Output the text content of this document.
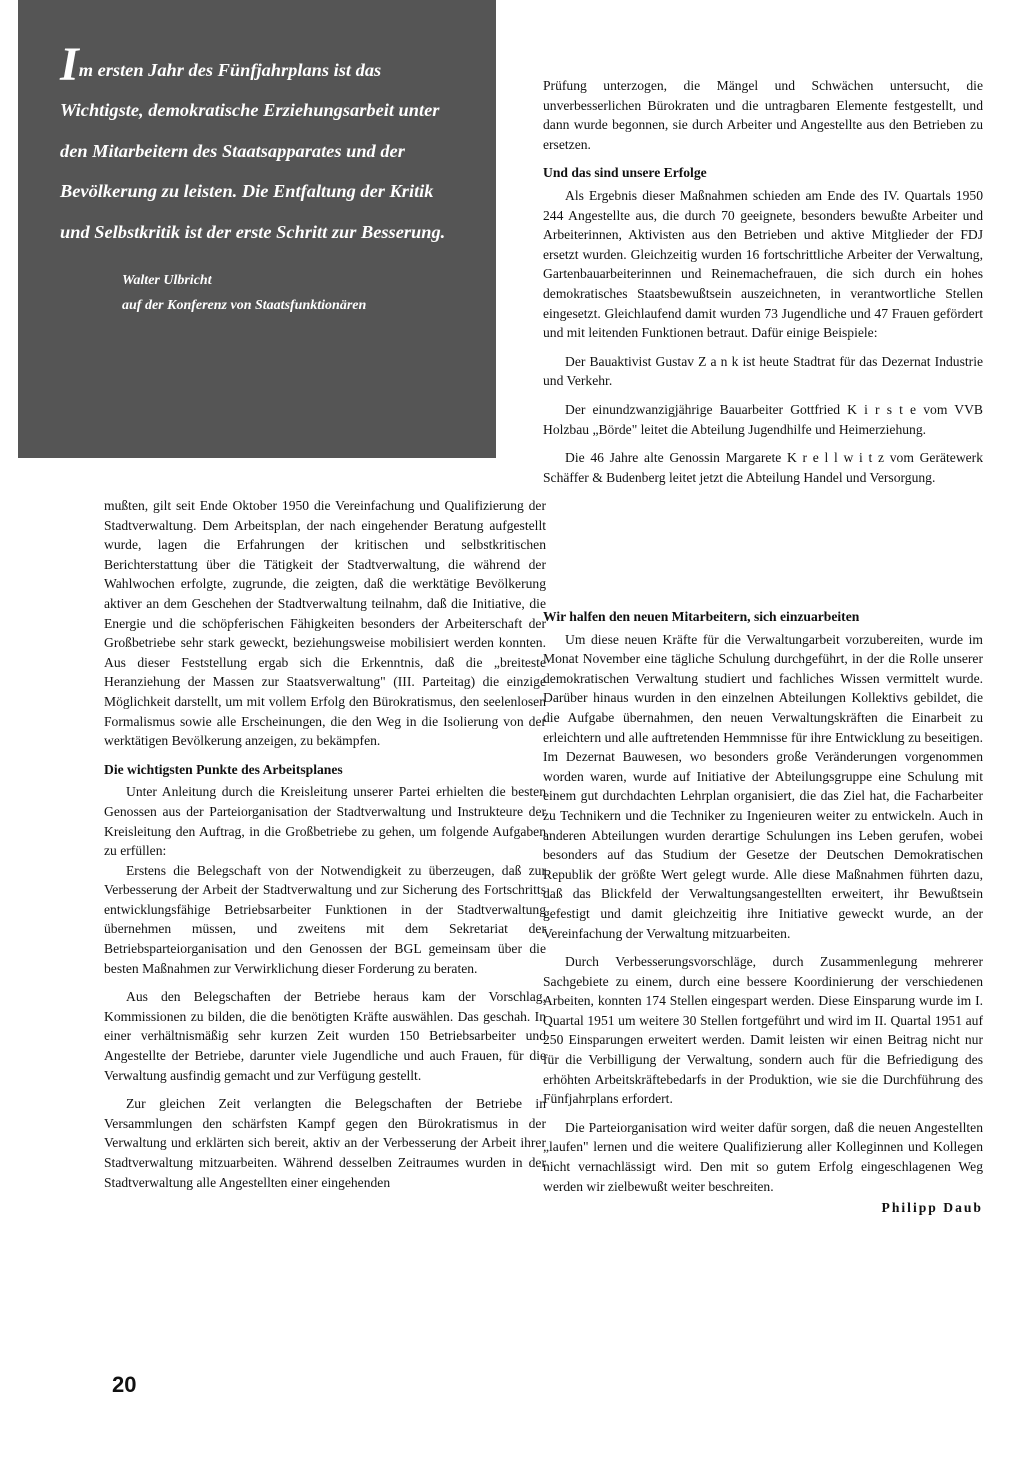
Im ersten Jahr des Fünfjahrplans ist das Wichtigste, demokratische Erziehungsarbeit unter den Mitarbeitern des Staatsapparates und der Bevölkerung zu leisten. Die Entfaltung der Kritik und Selbstkritik ist der erste Schritt zur Besserung.

Walter Ulbricht
auf der Konferenz von Staatsfunktionären

Prüfung unterzogen, die Mängel und Schwächen untersucht, die unverbesserlichen Bürokraten und die untragbaren Elemente festgestellt, und dann wurde begonnen, sie durch Arbeiter und Angestellte aus den Betrieben zu ersetzen.

Und das sind unsere Erfolge

Als Ergebnis dieser Maßnahmen schieden am Ende des IV. Quartals 1950 244 Angestellte aus, die durch 70 geeignete, besonders bewußte Arbeiter und Arbeiterinnen, Aktivisten aus den Betrieben und aktive Mitglieder der FDJ ersetzt wurden. Gleichzeitig wurden 16 fortschrittliche Arbeiter der Verwaltung, Gartenbauarbeiterinnen und Reinemachefrauen, die sich durch ein hohes demokratisches Staatsbewußtsein auszeichneten, in verantwortliche Stellen eingesetzt. Gleichlaufend damit wurden 73 Jugendliche und 47 Frauen gefördert und mit leitenden Funktionen betraut. Dafür einige Beispiele:

Der Bauaktivist Gustav Z a n k ist heute Stadtrat für das Dezernat Industrie und Verkehr.

Der einundzwanzigjährige Bauarbeiter Gottfried K i r s t e vom VVB Holzbau „Börde" leitet die Abteilung Jugendhilfe und Heimerziehung.

Die 46 Jahre alte Genossin Margarete K r e l l w i t z vom Gerätewerk Schäffer & Budenberg leitet jetzt die Abteilung Handel und Versorgung.

mußten, gilt seit Ende Oktober 1950 die Vereinfachung und Qualifizierung der Stadtverwaltung. Dem Arbeitsplan, der nach eingehender Beratung aufgestellt wurde, lagen die Erfahrungen der kritischen und selbstkritischen Berichterstattung über die Tätigkeit der Stadtverwaltung, die während der Wahlwochen erfolgte, zugrunde, die zeigten, daß die werktätige Bevölkerung aktiver an dem Geschehen der Stadtverwaltung teilnahm, daß die Initiative, die Energie und die schöpferischen Fähigkeiten besonders der Arbeiterschaft der Großbetriebe sehr stark geweckt, beziehungsweise mobilisiert werden konnten. Aus dieser Feststellung ergab sich die Erkenntnis, daß die „breiteste Heranziehung der Massen zur Staatsverwaltung" (III. Parteitag) die einzige Möglichkeit darstellt, um mit vollem Erfolg den Bürokratismus, den seelenlosen Formalismus sowie alle Erscheinungen, die den Weg in die Isolierung von der werktätigen Bevölkerung anzeigen, zu bekämpfen.

Die wichtigsten Punkte des Arbeitsplanes

Unter Anleitung durch die Kreisleitung unserer Partei erhielten die besten Genossen aus der Parteiorganisation der Stadtverwaltung und Instrukteure der Kreisleitung den Auftrag, in die Großbetriebe zu gehen, um folgende Aufgaben zu erfüllen:

Erstens die Belegschaft von der Notwendigkeit zu überzeugen, daß zur Verbesserung der Arbeit der Stadtverwaltung und zur Sicherung des Fortschritts entwicklungsfähige Betriebsarbeiter Funktionen in der Stadtverwaltung übernehmen müssen, und zweitens mit dem Sekretariat der Betriebsparteiorganisation und den Genossen der BGL gemeinsam über die besten Maßnahmen zur Verwirklichung dieser Forderung zu beraten.

Aus den Belegschaften der Betriebe heraus kam der Vorschlag, Kommissionen zu bilden, die die benötigten Kräfte auswählen. Das geschah. In einer verhältnismäßig sehr kurzen Zeit wurden 150 Betriebsarbeiter und Angestellte der Betriebe, darunter viele Jugendliche und auch Frauen, für die Verwaltung ausfindig gemacht und zur Verfügung gestellt.

Zur gleichen Zeit verlangten die Belegschaften der Betriebe in Versammlungen den schärfsten Kampf gegen den Bürokratismus in der Verwaltung und erklärten sich bereit, aktiv an der Verbesserung der Arbeit ihrer Stadtverwaltung mitzuarbeiten. Während desselben Zeitraumes wurden in der Stadtverwaltung alle Angestellten einer eingehenden

Wir halfen den neuen Mitarbeitern, sich einzuarbeiten

Um diese neuen Kräfte für die Verwaltungarbeit vorzubereiten, wurde im Monat November eine tägliche Schulung durchgeführt, in der die Rolle unserer demokratischen Verwaltung studiert und fachliches Wissen vermittelt wurde. Darüber hinaus wurden in den einzelnen Abteilungen Kollektivs gebildet, die die Aufgabe übernahmen, den neuen Verwaltungskräften die Einarbeit zu erleichtern und alle auftretenden Hemmnisse für ihre Entwicklung zu beseitigen. Im Dezernat Bauwesen, wo besonders große Veränderungen vorgenommen worden waren, wurde auf Initiative der Abteilungsgruppe eine Schulung mit einem gut durchdachten Lehrplan organisiert, die das Ziel hat, die Facharbeiter zu Technikern und die Techniker zu Ingenieuren weiter zu entwickeln. Auch in anderen Abteilungen wurden derartige Schulungen ins Leben gerufen, wobei besonders auf das Studium der Gesetze der Deutschen Demokratischen Republik der größte Wert gelegt wurde. Alle diese Maßnahmen führten dazu, daß das Blickfeld der Verwaltungsangestellten erweitert, ihr Bewußtsein gefestigt und damit gleichzeitig ihre Initiative geweckt wurde, an der Vereinfachung der Verwaltung mitzuarbeiten.

Durch Verbesserungsvorschläge, durch Zusammenlegung mehrerer Sachgebiete zu einem, durch eine bessere Koordinierung der verschiedenen Arbeiten, konnten 174 Stellen eingespart werden. Diese Einsparung wurde im I. Quartal 1951 um weitere 30 Stellen fortgeführt und wird im II. Quartal 1951 auf 250 Einsparungen erweitert werden. Damit leisten wir einen Beitrag nicht nur für die Verbilligung der Verwaltung, sondern auch für die Befriedigung des erhöhten Arbeitskräftebedarfs in der Produktion, wie sie die Durchführung des Fünfjahrplans erfordert.

Die Parteiorganisation wird weiter dafür sorgen, daß die neuen Angestellten „laufen" lernen und die weitere Qualifizierung aller Kolleginnen und Kollegen nicht vernachlässigt wird. Den mit so gutem Erfolg eingeschlagenen Weg werden wir zielbewußt weiter beschreiten.

Philipp Daub
20
